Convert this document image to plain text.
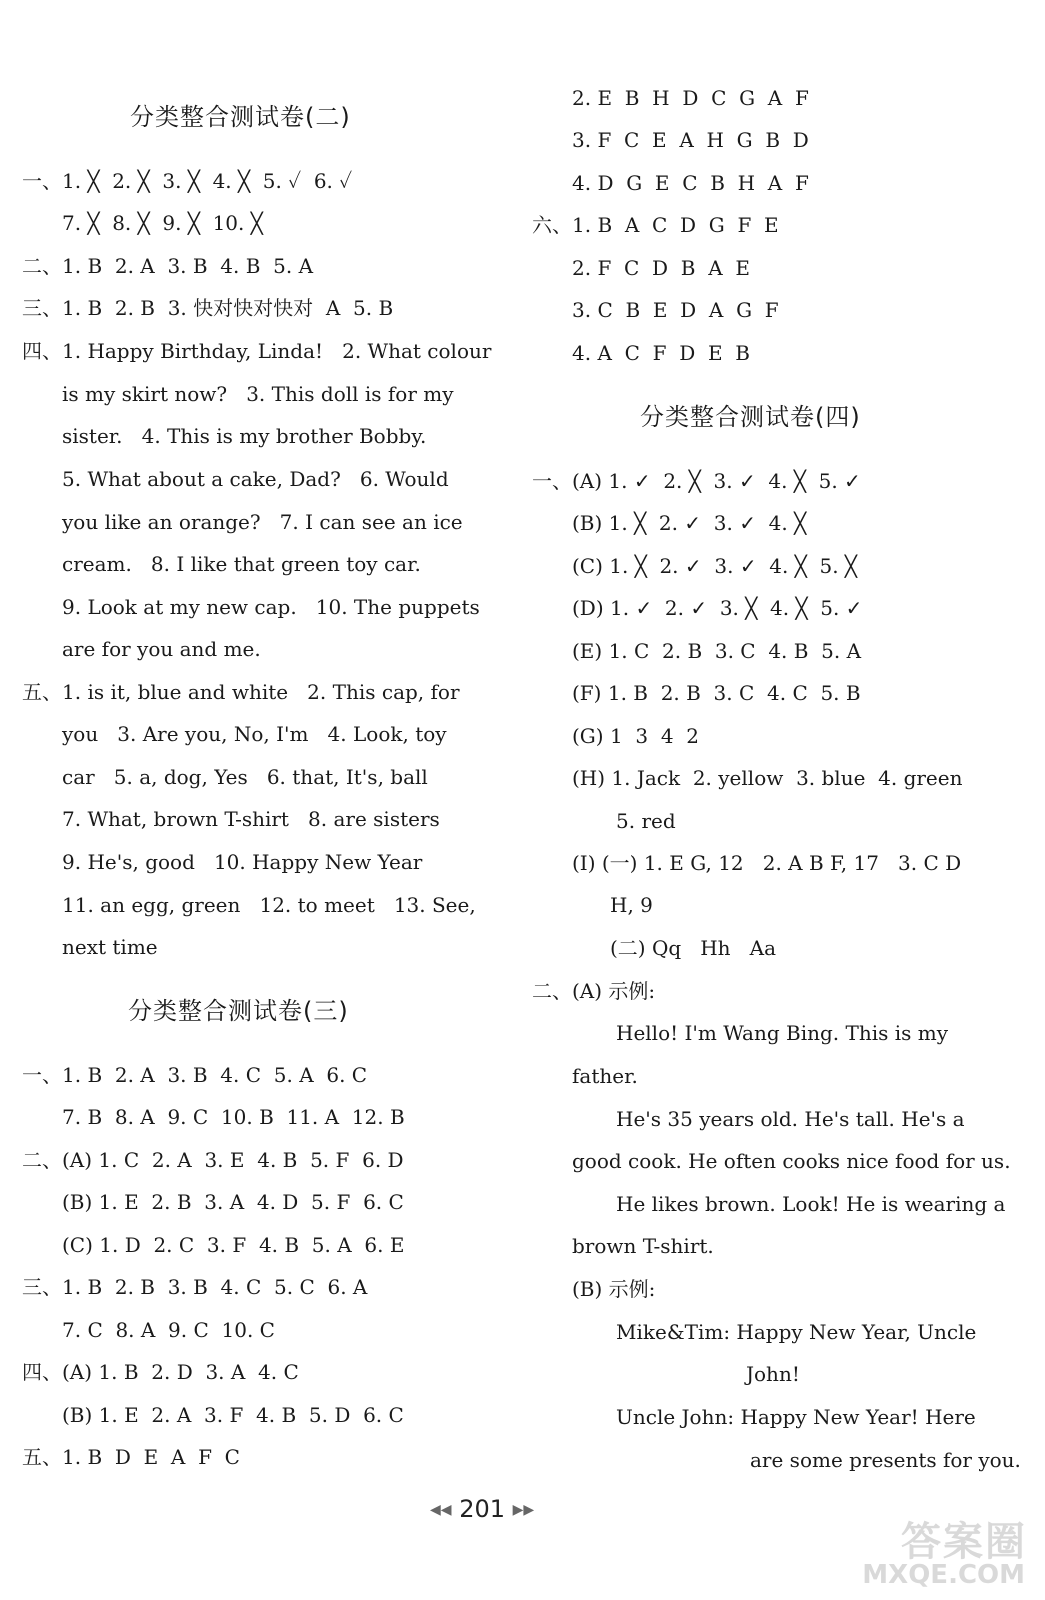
分类整合测试卷(二)
一、1. ╳  2. ╳  3. ╳  4. ╳  5. ✓  6. ✓
7. ╳  8. ╳  9. ╳  10. ╳
二、1. B  2. A  3. B  4. B  5. A
三、1. B  2. B  3. 快对快对快对  A  5. B
四、1. Happy Birthday, Linda!   2. What colour
is my skirt now?   3. This doll is for my
sister.   4. This is my brother Bobby.
5. What about a cake, Dad?   6. Would
you like an orange?   7. I can see an ice
cream.   8. I like that green toy car.
9. Look at my new cap.   10. The puppets
are for you and me.
五、1. is it, blue and white   2. This cap, for
you   3. Are you, No, I'm   4. Look, toy
car   5. a, dog, Yes   6. that, It's, ball
7. What, brown T-shirt   8. are sisters
9. He's, good   10. Happy New Year
11. an egg, green   12. to meet   13. See,
next time
分类整合测试卷(三)
一、1. B  2. A  3. B  4. C  5. A  6. C
7. B  8. A  9. C  10. B  11. A  12. B
二、(A) 1. C  2. A  3. E  4. B  5. F  6. D
(B) 1. E  2. B  3. A  4. D  5. F  6. C
(C) 1. D  2. C  3. F  4. B  5. A  6. E
三、1. B  2. B  3. B  4. C  5. C  6. A
7. C  8. A  9. C  10. C
四、(A) 1. B  2. D  3. A  4. C
(B) 1. E  2. A  3. F  4. B  5. D  6. C
五、1. B  D  E  A  F  C
2. E  B  H  D  C  G  A  F
3. F  C  E  A  H  G  B  D
4. D  G  E  C  B  H  A  F
六、1. B  A  C  D  G  F  E
2. F  C  D  B  A  E
3. C  B  E  D  A  G  F
4. A  C  F  D  E  B
分类整合测试卷(四)
一、(A) 1. ✓  2. ╳  3. ✓  4. ╳  5. ✓
(B) 1. ╳  2. ✓  3. ✓  4. ╳
(C) 1. ╳  2. ✓  3. ✓  4. ╳  5. ╳
(D) 1. ✓  2. ✓  3. ╳  4. ╳  5. ✓
(E) 1. C  2. B  3. C  4. B  5. A
(F) 1. B  2. B  3. C  4. C  5. B
(G) 1  3  4  2
(H) 1. Jack  2. yellow  3. blue  4. green
5. red
(I) (一) 1. E G, 12   2. A B F, 17   3. C D
H, 9
(二) Qq   Hh   Aa
二、(A) 示例:
Hello! I'm Wang Bing. This is my
father.
He's 35 years old. He's tall. He's a
good cook. He often cooks nice food for us.
He likes brown. Look! He is wearing a
brown T-shirt.
(B) 示例:
Mike&Tim: Happy New Year, Uncle
John!
Uncle John: Happy New Year! Here
are some presents for you.
◀◀ 201 ▶▶
答案圈
MXQE.COM
